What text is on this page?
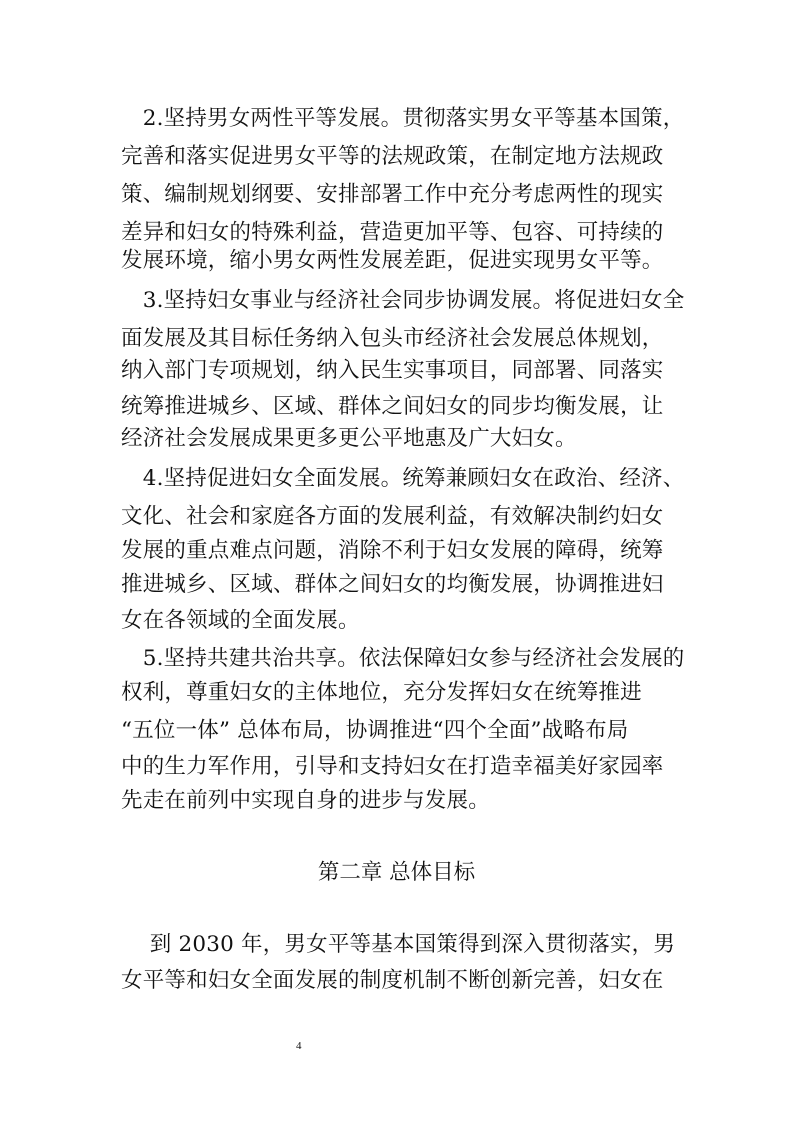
　2.坚持男女两性平等发展。贯彻落实男女平等基本国策，
完善和落实促进男女平等的法规政策，在制定地方法规政
策、编制规划纲要、安排部署工作中充分考虑两性的现实
差异和妇女的特殊利益，营造更加平等、包容、可持续的
发展环境，缩小男女两性发展差距，促进实现男女平等。
　3.坚持妇女事业与经济社会同步协调发展。将促进妇女全
面发展及其目标任务纳入包头市经济社会发展总体规划，
纳入部门专项规划，纳入民生实事项目，同部署、同落实
统筹推进城乡、区域、群体之间妇女的同步均衡发展，让
经济社会发展成果更多更公平地惠及广大妇女。
　4.坚持促进妇女全面发展。统筹兼顾妇女在政治、经济、
文化、社会和家庭各方面的发展利益，有效解决制约妇女
发展的重点难点问题，消除不利于妇女发展的障碍，统筹
推进城乡、区域、群体之间妇女的均衡发展，协调推进妇
女在各领域的全面发展。
　5.坚持共建共治共享。依法保障妇女参与经济社会发展的
权利，尊重妇女的主体地位，充分发挥妇女在统筹推进
“五位一体” 总体布局，协调推进“四个全面”战略布局
中的生力军作用，引导和支持妇女在打造幸福美好家园率
先走在前列中实现自身的进步与发展。
第二章 总体目标
　 到 2030 年，男女平等基本国策得到深入贯彻落实，男
女平等和妇女全面发展的制度机制不断创新完善，妇女在
4
